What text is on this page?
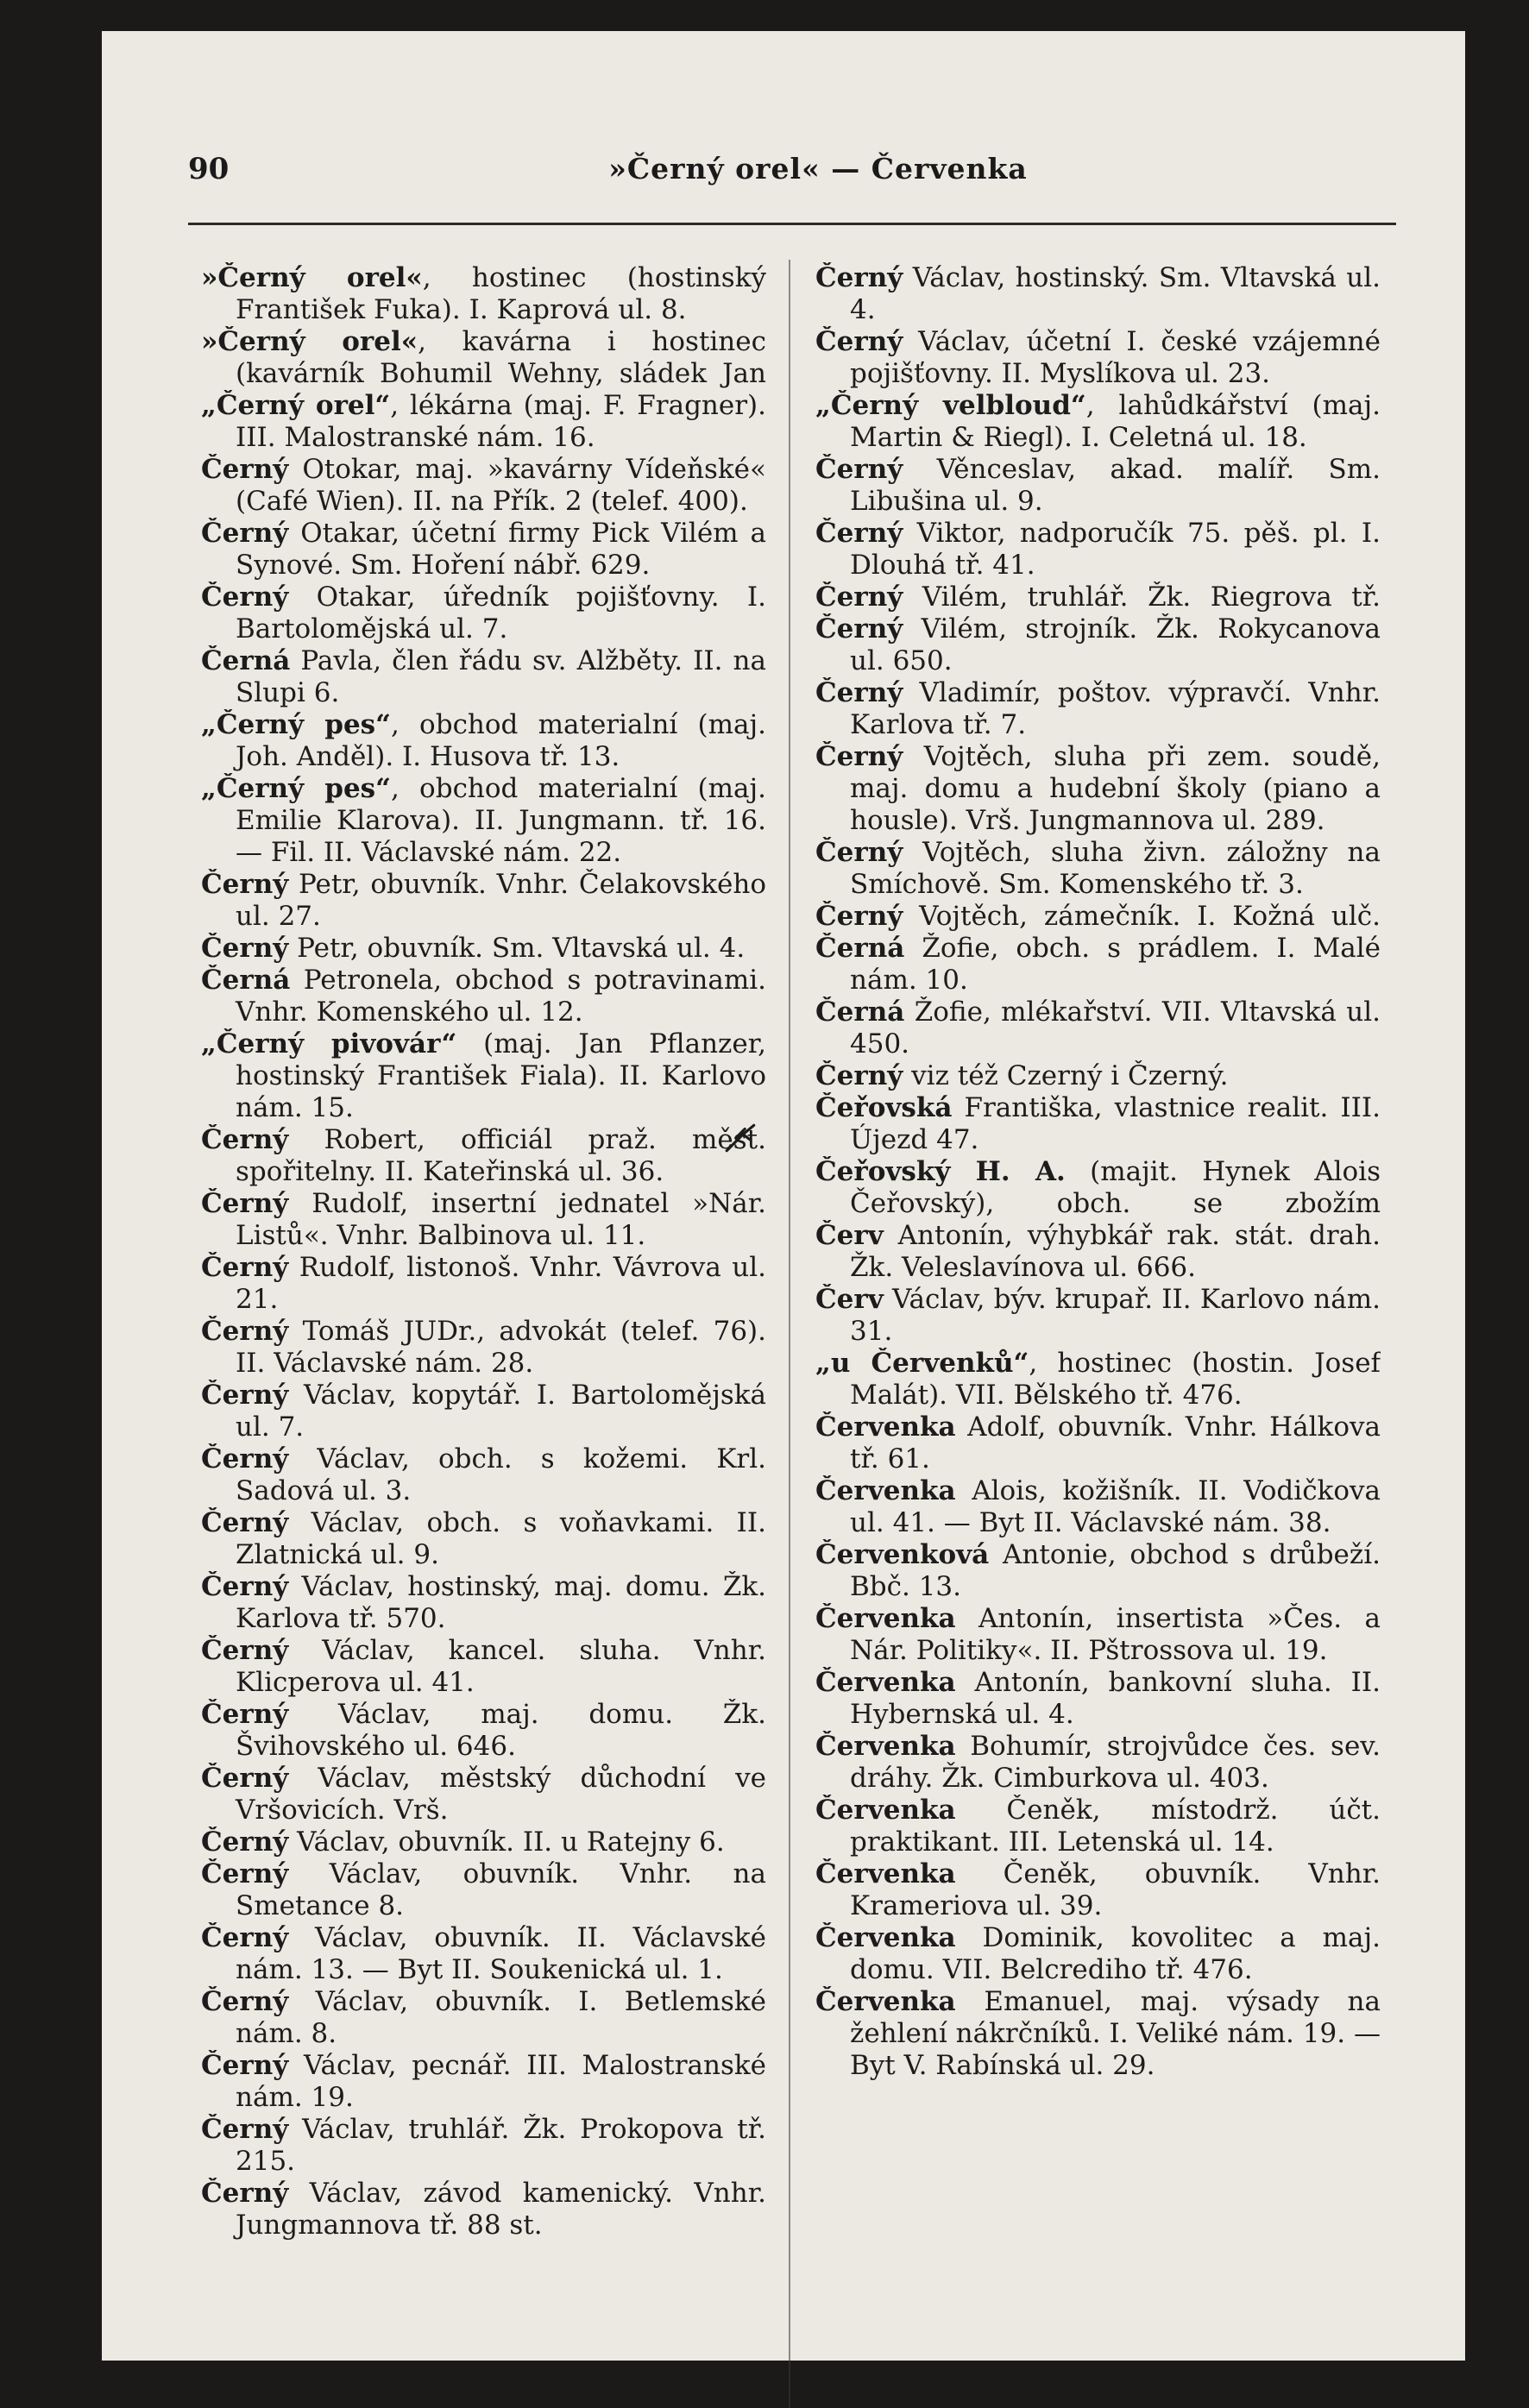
90	»Černý orel« — Červenka

»Černý orel«, hostinec (hostinský František Fuka). I. Kaprová ul. 8.

»Černý orel«, kavárna i hostinec (kavárník Bohumil Wehny, sládek Jan

„Černý orel“, lékárna (maj. F. Fragner). III. Malostranské nám. 16.

Černý Otokar, maj. »kavárny Vídeňské« (Café Wien). II. na Přík. 2 (telef. 400).

Černý Otakar, účetní firmy Pick Vilém a Synové. Sm. Hoření nábř. 629.

Černý Otakar, úředník pojišťovny. I. Bartolomějská ul. 7.

Černá Pavla, člen řádu sv. Alžběty. II. na Slupi 6.

„Černý pes“, obchod materialní (maj. Joh. Anděl). I. Husova tř. 13.

„Černý pes“, obchod materialní (maj. Emilie Klarova). II. Jungmann. tř. 16. — Fil. II. Václavské nám. 22.

Černý Petr, obuvník. Vnhr. Čelakovského ul. 27.

Černý Petr, obuvník. Sm. Vltavská ul. 4.

Černá Petronela, obchod s potravinami. Vnhr. Komenského ul. 12.

„Černý pivovár“ (maj. Jan Pflanzer, hostinský František Fiala). II. Karlovo nám. 15.

Černý Robert, officiál praž. měst. spořitelny. II. Kateřinská ul. 36.

Černý Rudolf, insertní jednatel »Nár. Listů«. Vnhr. Balbinova ul. 11.

Černý Rudolf, listonoš. Vnhr. Vávrova ul. 21.

Černý Tomáš JUDr., advokát (telef. 76). II. Václavské nám. 28.

Černý Václav, kopytář. I. Bartolomějská ul. 7.

Černý Václav, obch. s kožemi. Krl. Sadová ul. 3.

Černý Václav, obch. s voňavkami. II. Zlatnická ul. 9.

Černý Václav, hostinský, maj. domu. Žk. Karlova tř. 570.

Černý Václav, kancel. sluha. Vnhr. Klicperova ul. 41.

Černý Václav, maj. domu. Žk. Švihovského ul. 646.

Černý Václav, městský důchodní ve Vršovicích. Vrš.

Černý Václav, obuvník. II. u Ratejny 6.

Černý Václav, obuvník. Vnhr. na Smetance 8.

Černý Václav, obuvník. II. Václavské nám. 13. — Byt II. Soukenická ul. 1.

Černý Václav, obuvník. I. Betlemské nám. 8.

Černý Václav, pecnář. III. Malostranské nám. 19.

Černý Václav, truhlář. Žk. Prokopova tř. 215.

Černý Václav, závod kamenický. Vnhr. Jungmannova tř. 88 st.

Černý Václav, hostinský. Sm. Vltavská ul. 4.

Černý Václav, účetní I. české vzájemné pojišťovny. II. Myslíkova ul. 23.

„Černý velbloud“, lahůdkářství (maj. Martin & Riegl). I. Celetná ul. 18.

Černý Věnceslav, akad. malíř. Sm. Libušina ul. 9.

Černý Viktor, nadporučík 75. pěš. pl. I. Dlouhá tř. 41.

Černý Vilém, truhlář. Žk. Riegrova tř.

Černý Vilém, strojník. Žk. Rokycanova ul. 650.

Černý Vladimír, poštov. výpravčí. Vnhr. Karlova tř. 7.

Černý Vojtěch, sluha při zem. soudě, maj. domu a hudební školy (piano a housle). Vrš. Jungmannova ul. 289.

Černý Vojtěch, sluha živn. záložny na Smíchově. Sm. Komenského tř. 3.

Černý Vojtěch, zámečník. I. Kožná ulč.

Černá Žofie, obch. s prádlem. I. Malé nám. 10.

Černá Žofie, mlékařství. VII. Vltavská ul. 450.

Černý viz též Czerný i Čzerný.

Čeřovská Františka, vlastnice realit. III. Újezd 47.

Čeřovský H. A. (majit. Hynek Alois Čeřovský), obch. se zbožím

Červ Antonín, výhybkář rak. stát. drah. Žk. Veleslavínova ul. 666.

Červ Václav, býv. krupař. II. Karlovo nám. 31.

„u Červenků“, hostinec (hostin. Josef Malát). VII. Bělského tř. 476.

Červenka Adolf, obuvník. Vnhr. Hálkova tř. 61.

Červenka Alois, kožišník. II. Vodičkova ul. 41. — Byt II. Václavské nám. 38.

Červenková Antonie, obchod s drůbeží. Bbč. 13.

Červenka Antonín, insertista »Čes. a Nár. Politiky«. II. Pštrossova ul. 19.

Červenka Antonín, bankovní sluha. II. Hybernská ul. 4.

Červenka Bohumír, strojvůdce čes. sev. dráhy. Žk. Cimburkova ul. 403.

Červenka Čeněk, místodrž. účt. praktikant. III. Letenská ul. 14.

Červenka Čeněk, obuvník. Vnhr. Krameriova ul. 39.

Červenka Dominik, kovolitec a maj. domu. VII. Belcrediho tř. 476.

Červenka Emanuel, maj. výsady na žehlení nákrčníků. I. Veliké nám. 19. — Byt V. Rabínská ul. 29.
